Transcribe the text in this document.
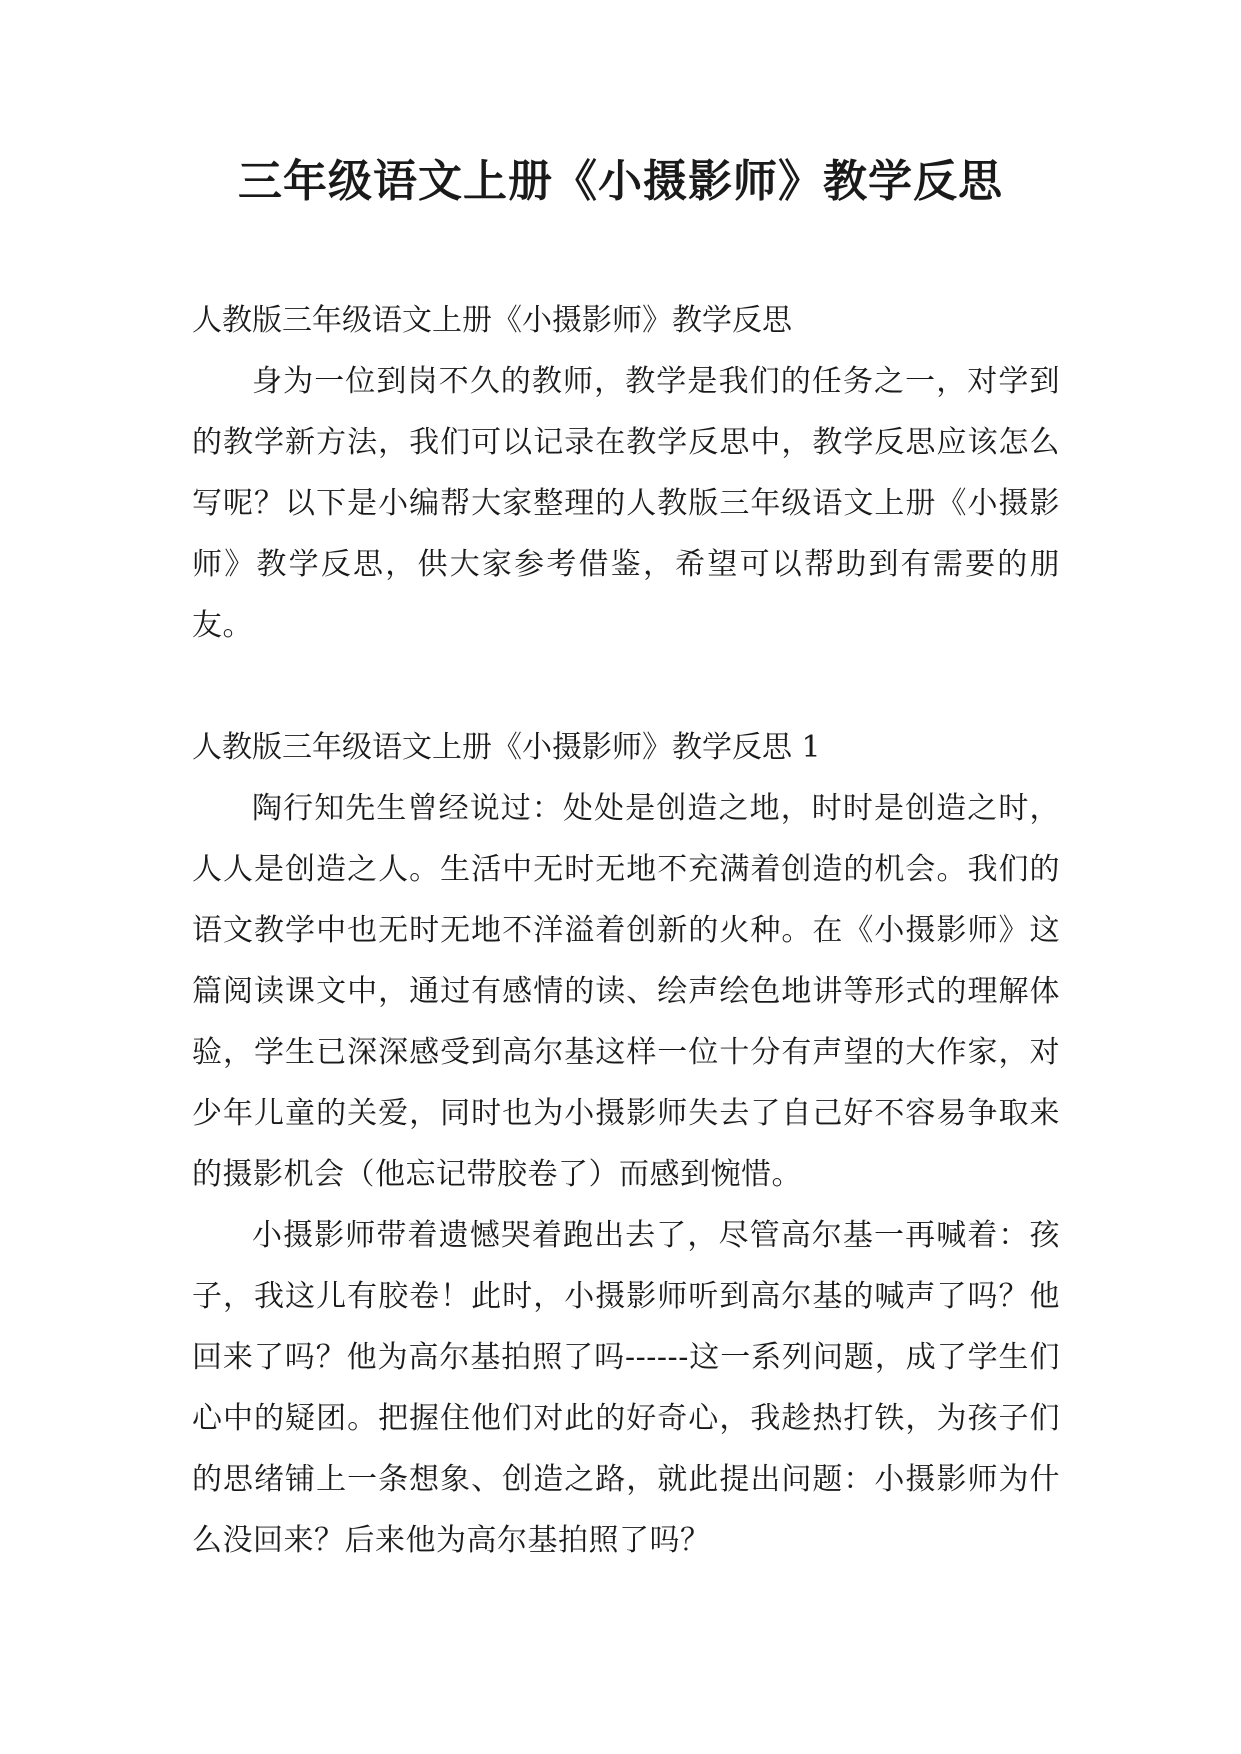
三年级语文上册《小摄影师》教学反思
人教版三年级语文上册《小摄影师》教学反思

身为一位到岗不久的教师，教学是我们的任务之一，对学到的教学新方法，我们可以记录在教学反思中，教学反思应该怎么写呢？以下是小编帮大家整理的人教版三年级语文上册《小摄影师》教学反思，供大家参考借鉴，希望可以帮助到有需要的朋友。

人教版三年级语文上册《小摄影师》教学反思 1

陶行知先生曾经说过：处处是创造之地，时时是创造之时，人人是创造之人。生活中无时无地不充满着创造的机会。我们的语文教学中也无时无地不洋溢着创新的火种。在《小摄影师》这篇阅读课文中，通过有感情的读、绘声绘色地讲等形式的理解体验，学生已深深感受到高尔基这样一位十分有声望的大作家，对少年儿童的关爱，同时也为小摄影师失去了自己好不容易争取来的摄影机会（他忘记带胶卷了）而感到惋惜。

小摄影师带着遗憾哭着跑出去了，尽管高尔基一再喊着：孩子，我这儿有胶卷！此时，小摄影师听到高尔基的喊声了吗？他回来了吗？他为高尔基拍照了吗------这一系列问题，成了学生们心中的疑团。把握住他们对此的好奇心，我趁热打铁，为孩子们的思绪铺上一条想象、创造之路，就此提出问题：小摄影师为什么没回来？后来他为高尔基拍照了吗？
